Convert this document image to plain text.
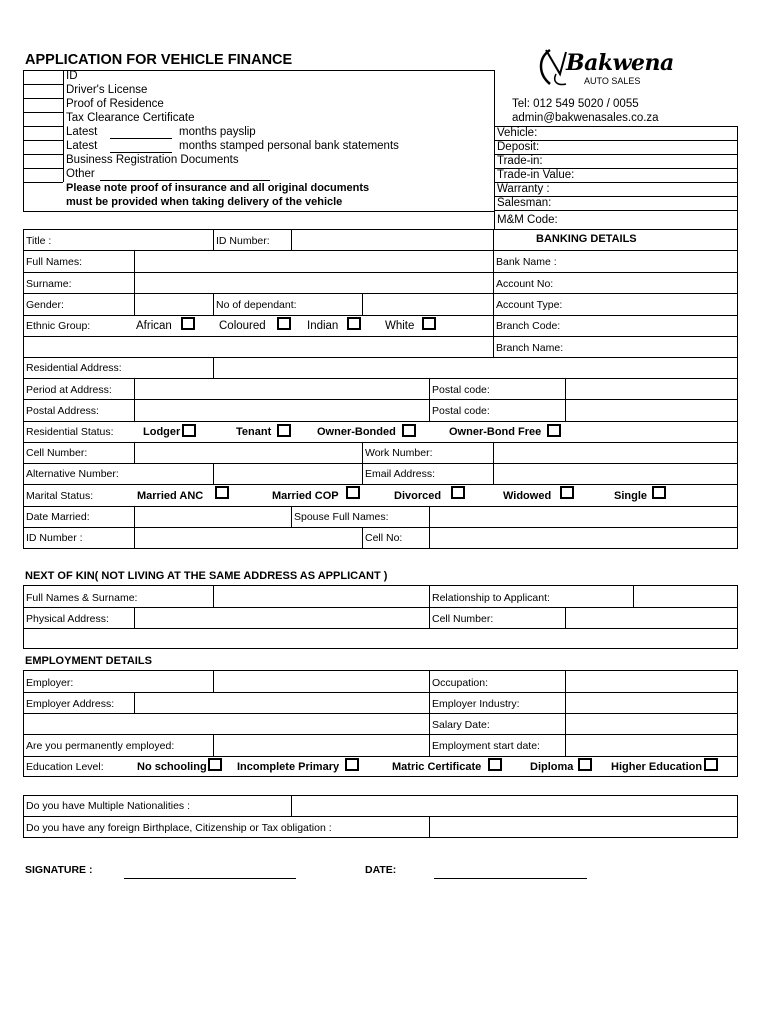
APPLICATION FOR VEHICLE FINANCE	Bakwena
AUTO SALES
Tel: 012 549 5020 / 0055
admin@bakwenasales.co.za
ID
Driver's License
Proof of Residence
Tax Clearance Certificate
Latest	months payslip
Latest	months stamped personal bank statements
Business Registration Documents
Other
Please note proof of insurance and all original documents
must be provided when taking delivery of the vehicle
Vehicle:
Deposit:
Trade-in:
Trade-in Value:
Warranty :
Salesman:
M&M Code:
Title :	ID Number:	BANKING DETAILS
Full Names:	Bank Name :
Surname:	Account No:
Gender:	No of dependant:	Account Type:
Ethnic Group:	African	Coloured	Indian	White	Branch Code:
Branch Name:
Residential Address:
Period at Address:	Postal code:
Postal Address:	Postal code:
Residential Status:	Lodger	Tenant	Owner-Bonded	Owner-Bond Free
Cell Number:	Work Number:
Alternative Number:	Email Address:
Marital Status:	Married ANC	Married COP	Divorced	Widowed	Single
Date Married:	Spouse Full Names:
ID Number :	Cell No:
NEXT OF KIN( NOT LIVING AT THE SAME ADDRESS AS APPLICANT )
Full Names & Surname:	Relationship to Applicant:
Physical Address:	Cell Number:
EMPLOYMENT DETAILS
Employer:	Occupation:
Employer Address:	Employer Industry:
Salary Date:
Are you permanently employed:	Employment start date:
Education Level:	No schooling	Incomplete Primary	Matric Certificate	Diploma	Higher Education
Do you have Multiple Nationalities :
Do you have any foreign Birthplace, Citizenship or Tax obligation :
SIGNATURE :	DATE:
